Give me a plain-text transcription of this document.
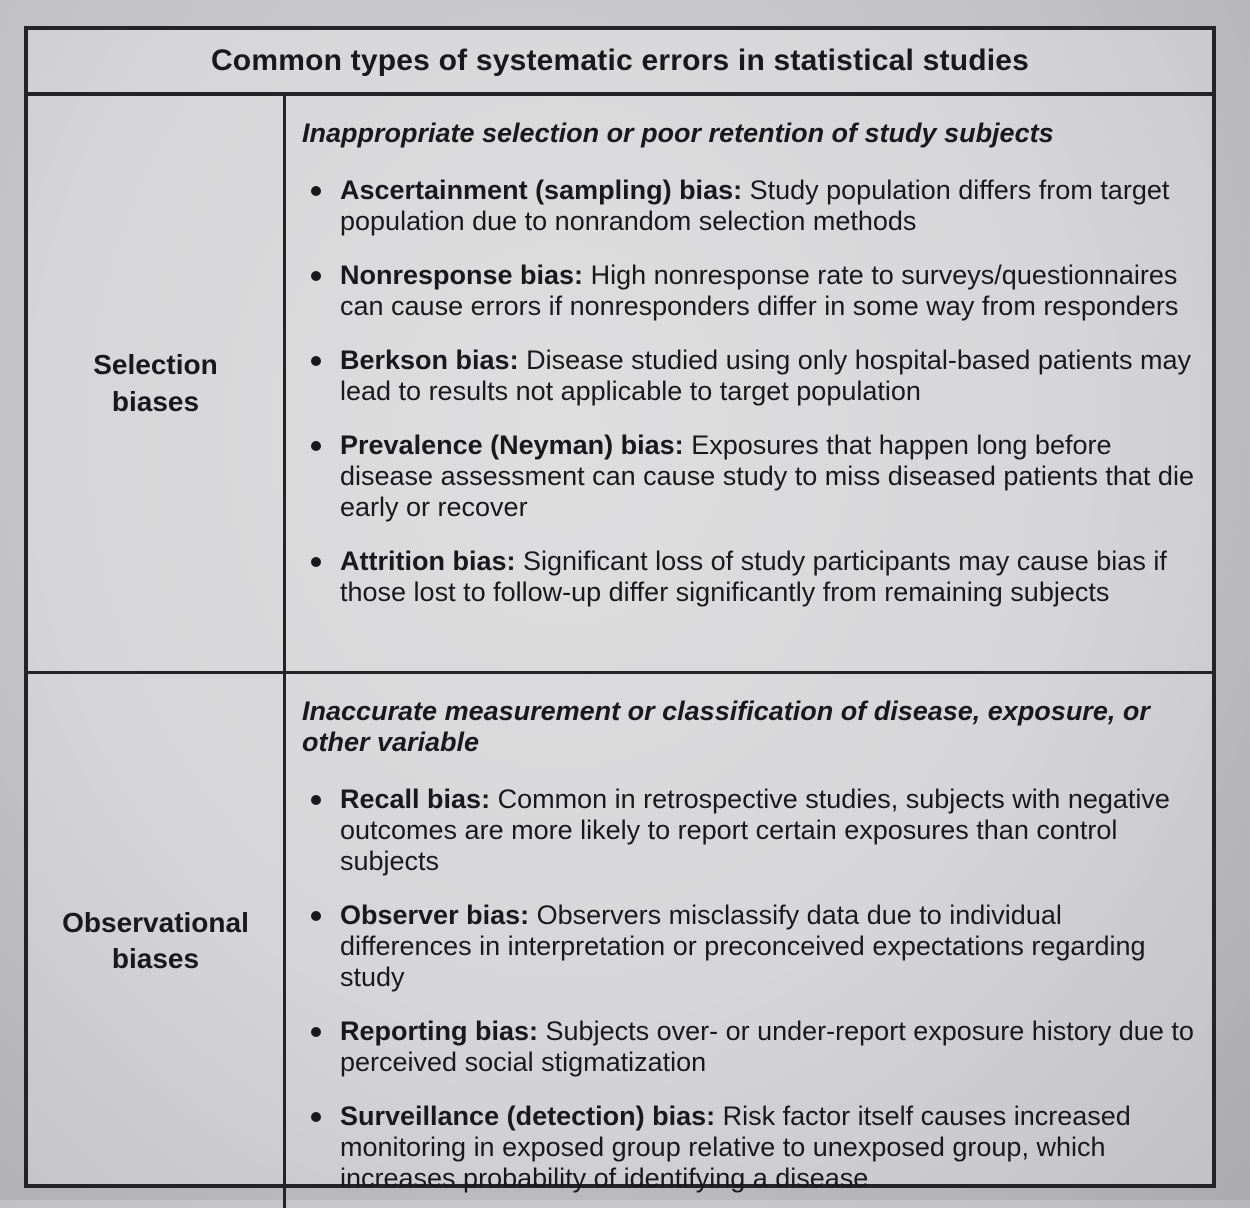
Common types of systematic errors in statistical studies
Selection biases
Inappropriate selection or poor retention of study subjects
Ascertainment (sampling) bias: Study population differs from target population due to nonrandom selection methods
Nonresponse bias: High nonresponse rate to surveys/questionnaires can cause errors if nonresponders differ in some way from responders
Berkson bias: Disease studied using only hospital-based patients may lead to results not applicable to target population
Prevalence (Neyman) bias: Exposures that happen long before disease assessment can cause study to miss diseased patients that die early or recover
Attrition bias: Significant loss of study participants may cause bias if those lost to follow-up differ significantly from remaining subjects
Observational biases
Inaccurate measurement or classification of disease, exposure, or other variable
Recall bias: Common in retrospective studies, subjects with negative outcomes are more likely to report certain exposures than control subjects
Observer bias: Observers misclassify data due to individual differences in interpretation or preconceived expectations regarding study
Reporting bias: Subjects over- or under-report exposure history due to perceived social stigmatization
Surveillance (detection) bias: Risk factor itself causes increased monitoring in exposed group relative to unexposed group, which increases probability of identifying a disease
